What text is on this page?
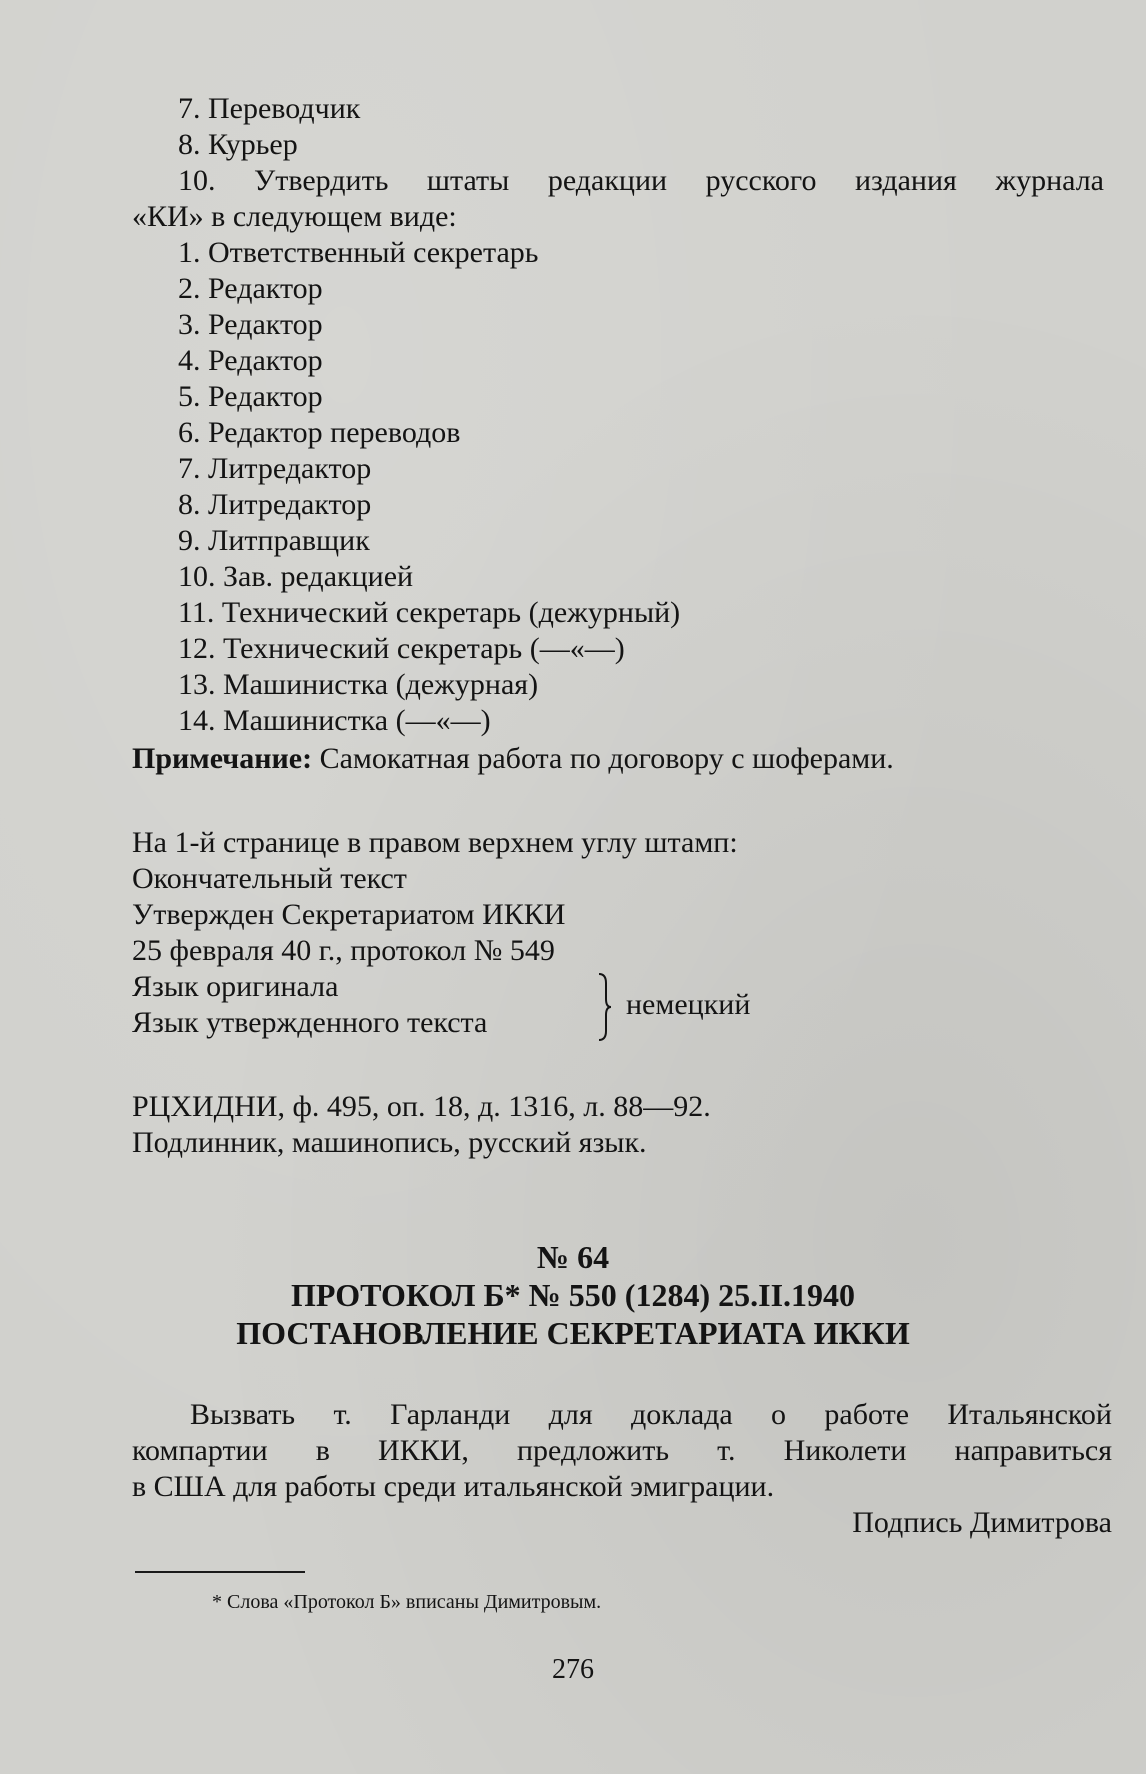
7. Переводчик
8. Курьер
10. Утвердить штаты редакции русского издания журнала
«КИ» в следующем виде:
1. Ответственный секретарь
2. Редактор
3. Редактор
4. Редактор
5. Редактор
6. Редактор переводов
7. Литредактор
8. Литредактор
9. Литправщик
10. Зав. редакцией
11. Технический секретарь (дежурный)
12. Технический секретарь (—«—)
13. Машинистка (дежурная)
14. Машинистка (—«—)
Примечание: Самокатная работа по договору с шоферами.
На 1-й странице в правом верхнем углу штамп:
Окончательный текст
Утвержден Секретариатом ИККИ
25 февраля 40 г., протокол № 549
Язык оригинала
Язык утвержденного текста
немецкий
РЦХИДНИ, ф. 495, оп. 18, д. 1316, л. 88—92.
Подлинник, машинопись, русский язык.
№ 64
ПРОТОКОЛ Б* № 550 (1284) 25.II.1940
ПОСТАНОВЛЕНИЕ СЕКРЕТАРИАТА ИККИ
Вызвать т. Гарланди для доклада о работе Итальянской
компартии в ИККИ, предложить т. Николети направиться
в США для работы среди итальянской эмиграции.
Подпись Димитрова
* Слова «Протокол Б» вписаны Димитровым.
276
